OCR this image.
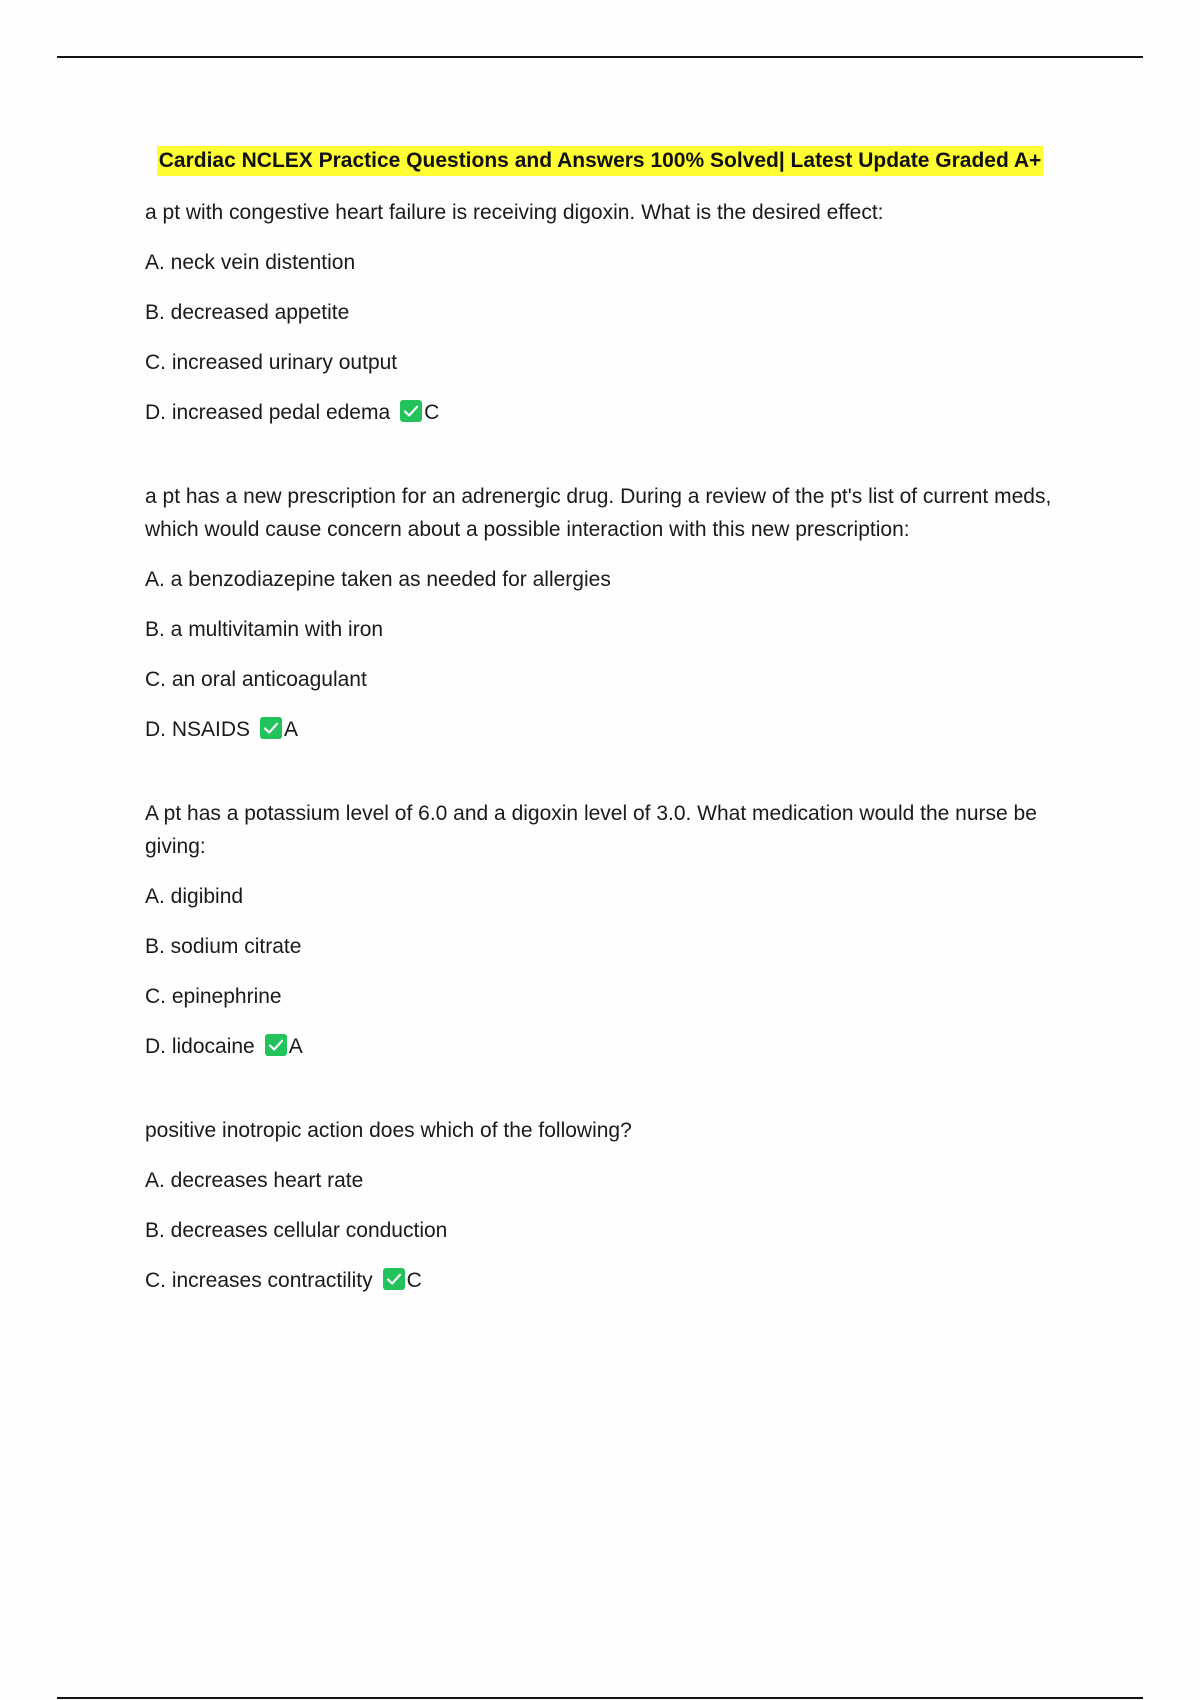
Cardiac NCLEX Practice Questions and Answers 100% Solved| Latest Update Graded A+
a pt with congestive heart failure is receiving digoxin. What is the desired effect:
A. neck vein distention
B. decreased appetite
C. increased urinary output
D. increased pedal edema C
a pt has a new prescription for an adrenergic drug. During a review of the pt's list of current meds, which would cause concern about a possible interaction with this new prescription:
A. a benzodiazepine taken as needed for allergies
B. a multivitamin with iron
C. an oral anticoagulant
D. NSAIDS A
A pt has a potassium level of 6.0 and a digoxin level of 3.0. What medication would the nurse be giving:
A. digibind
B. sodium citrate
C. epinephrine
D. lidocaine A
positive inotropic action does which of the following?
A. decreases heart rate
B. decreases cellular conduction
C. increases contractility C
